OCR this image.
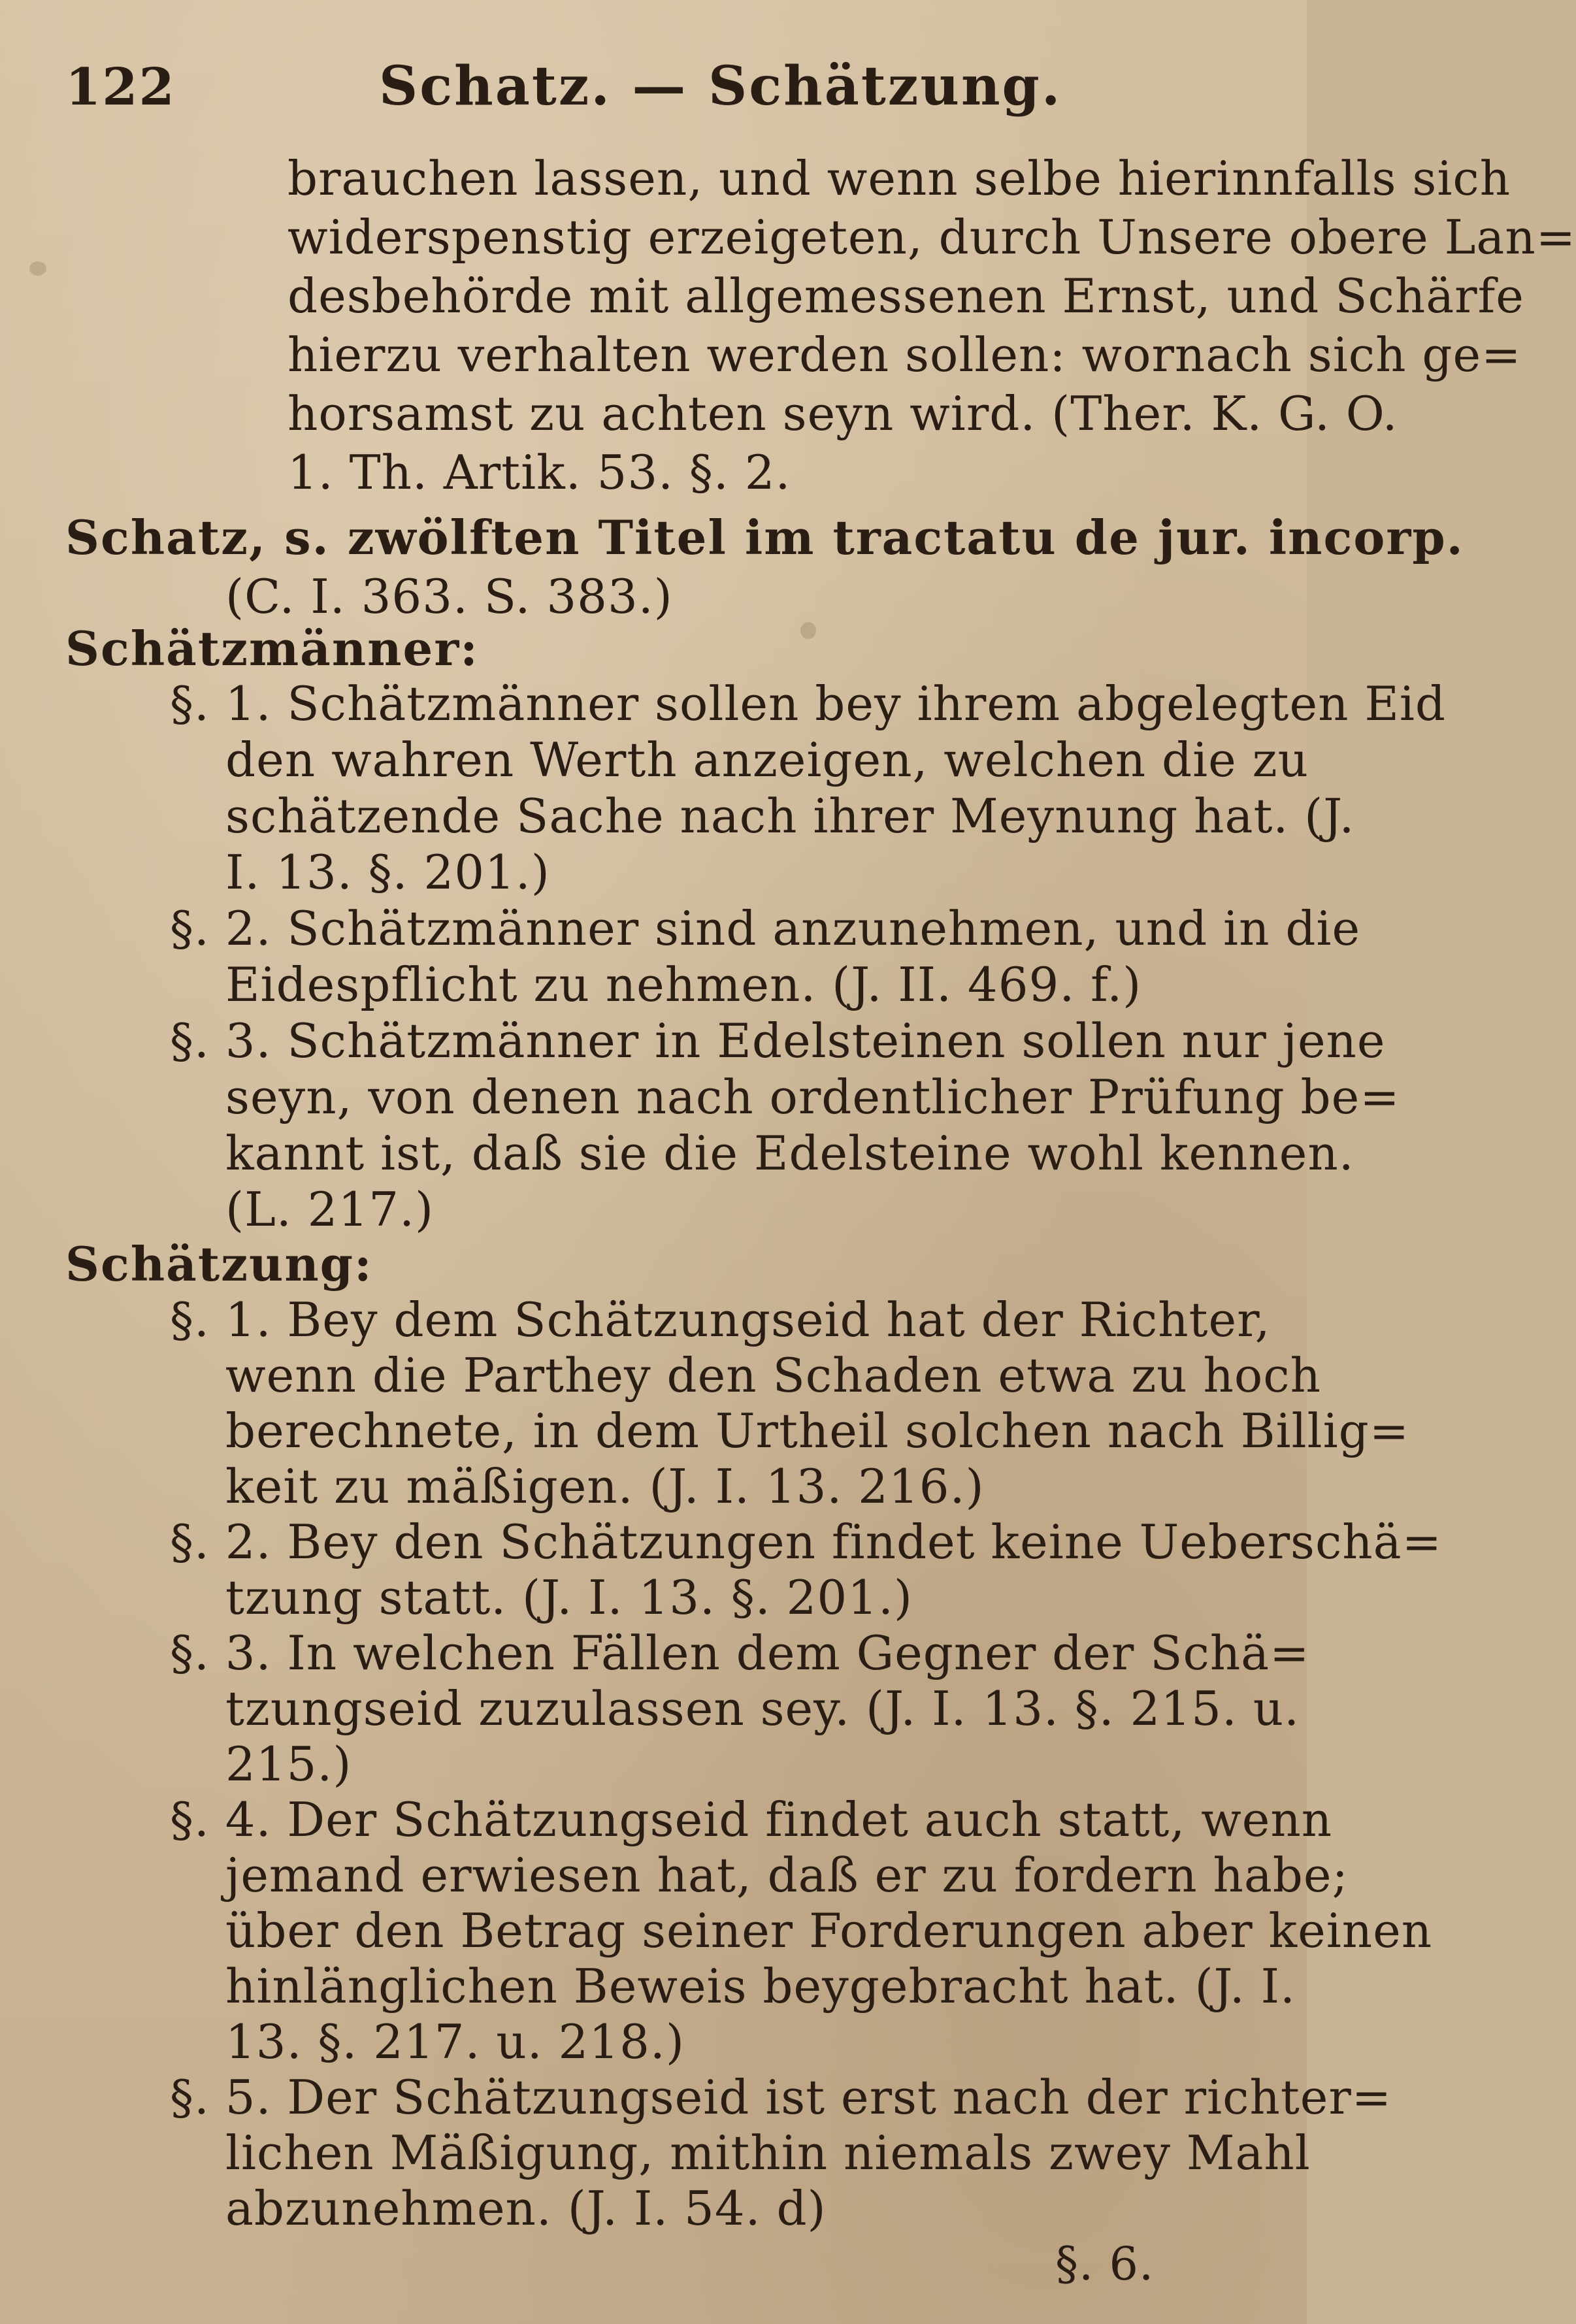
122	Schatz. — Schätzung.
brauchen lassen, und wenn selbe hierinnfalls sich
widerspenstig erzeigeten, durch Unsere obere Lan=
desbehörde mit allgemessenen Ernst, und Schärfe
hierzu verhalten werden sollen: wornach sich ge=
horsamst zu achten seyn wird. (Ther. K. G. O.
1. Th. Artik. 53. §. 2.
Schatz, s. zwölften Titel im tractatu de jur. incorp.
(C. I. 363. S. 383.)
Schätzmänner:
§. 1. Schätzmänner sollen bey ihrem abgelegten Eid
den wahren Werth anzeigen, welchen die zu
schätzende Sache nach ihrer Meynung hat. (J.
I. 13. §. 201.)
§. 2. Schätzmänner sind anzunehmen, und in die
Eidespflicht zu nehmen. (J. II. 469. f.)
§. 3. Schätzmänner in Edelsteinen sollen nur jene
seyn, von denen nach ordentlicher Prüfung be=
kannt ist, daß sie die Edelsteine wohl kennen.
(L. 217.)
Schätzung:
§. 1. Bey dem Schätzungseid hat der Richter,
wenn die Parthey den Schaden etwa zu hoch
berechnete, in dem Urtheil solchen nach Billig=
keit zu mäßigen. (J. I. 13. 216.)
§. 2. Bey den Schätzungen findet keine Ueberschä=
tzung statt. (J. I. 13. §. 201.)
§. 3. In welchen Fällen dem Gegner der Schä=
tzungseid zuzulassen sey. (J. I. 13. §. 215. u.
215.)
§. 4. Der Schätzungseid findet auch statt, wenn
jemand erwiesen hat, daß er zu fordern habe;
über den Betrag seiner Forderungen aber keinen
hinlänglichen Beweis beygebracht hat. (J. I.
13. §. 217. u. 218.)
§. 5. Der Schätzungseid ist erst nach der richter=
lichen Mäßigung, mithin niemals zwey Mahl
abzunehmen. (J. I. 54. d)
§. 6.
